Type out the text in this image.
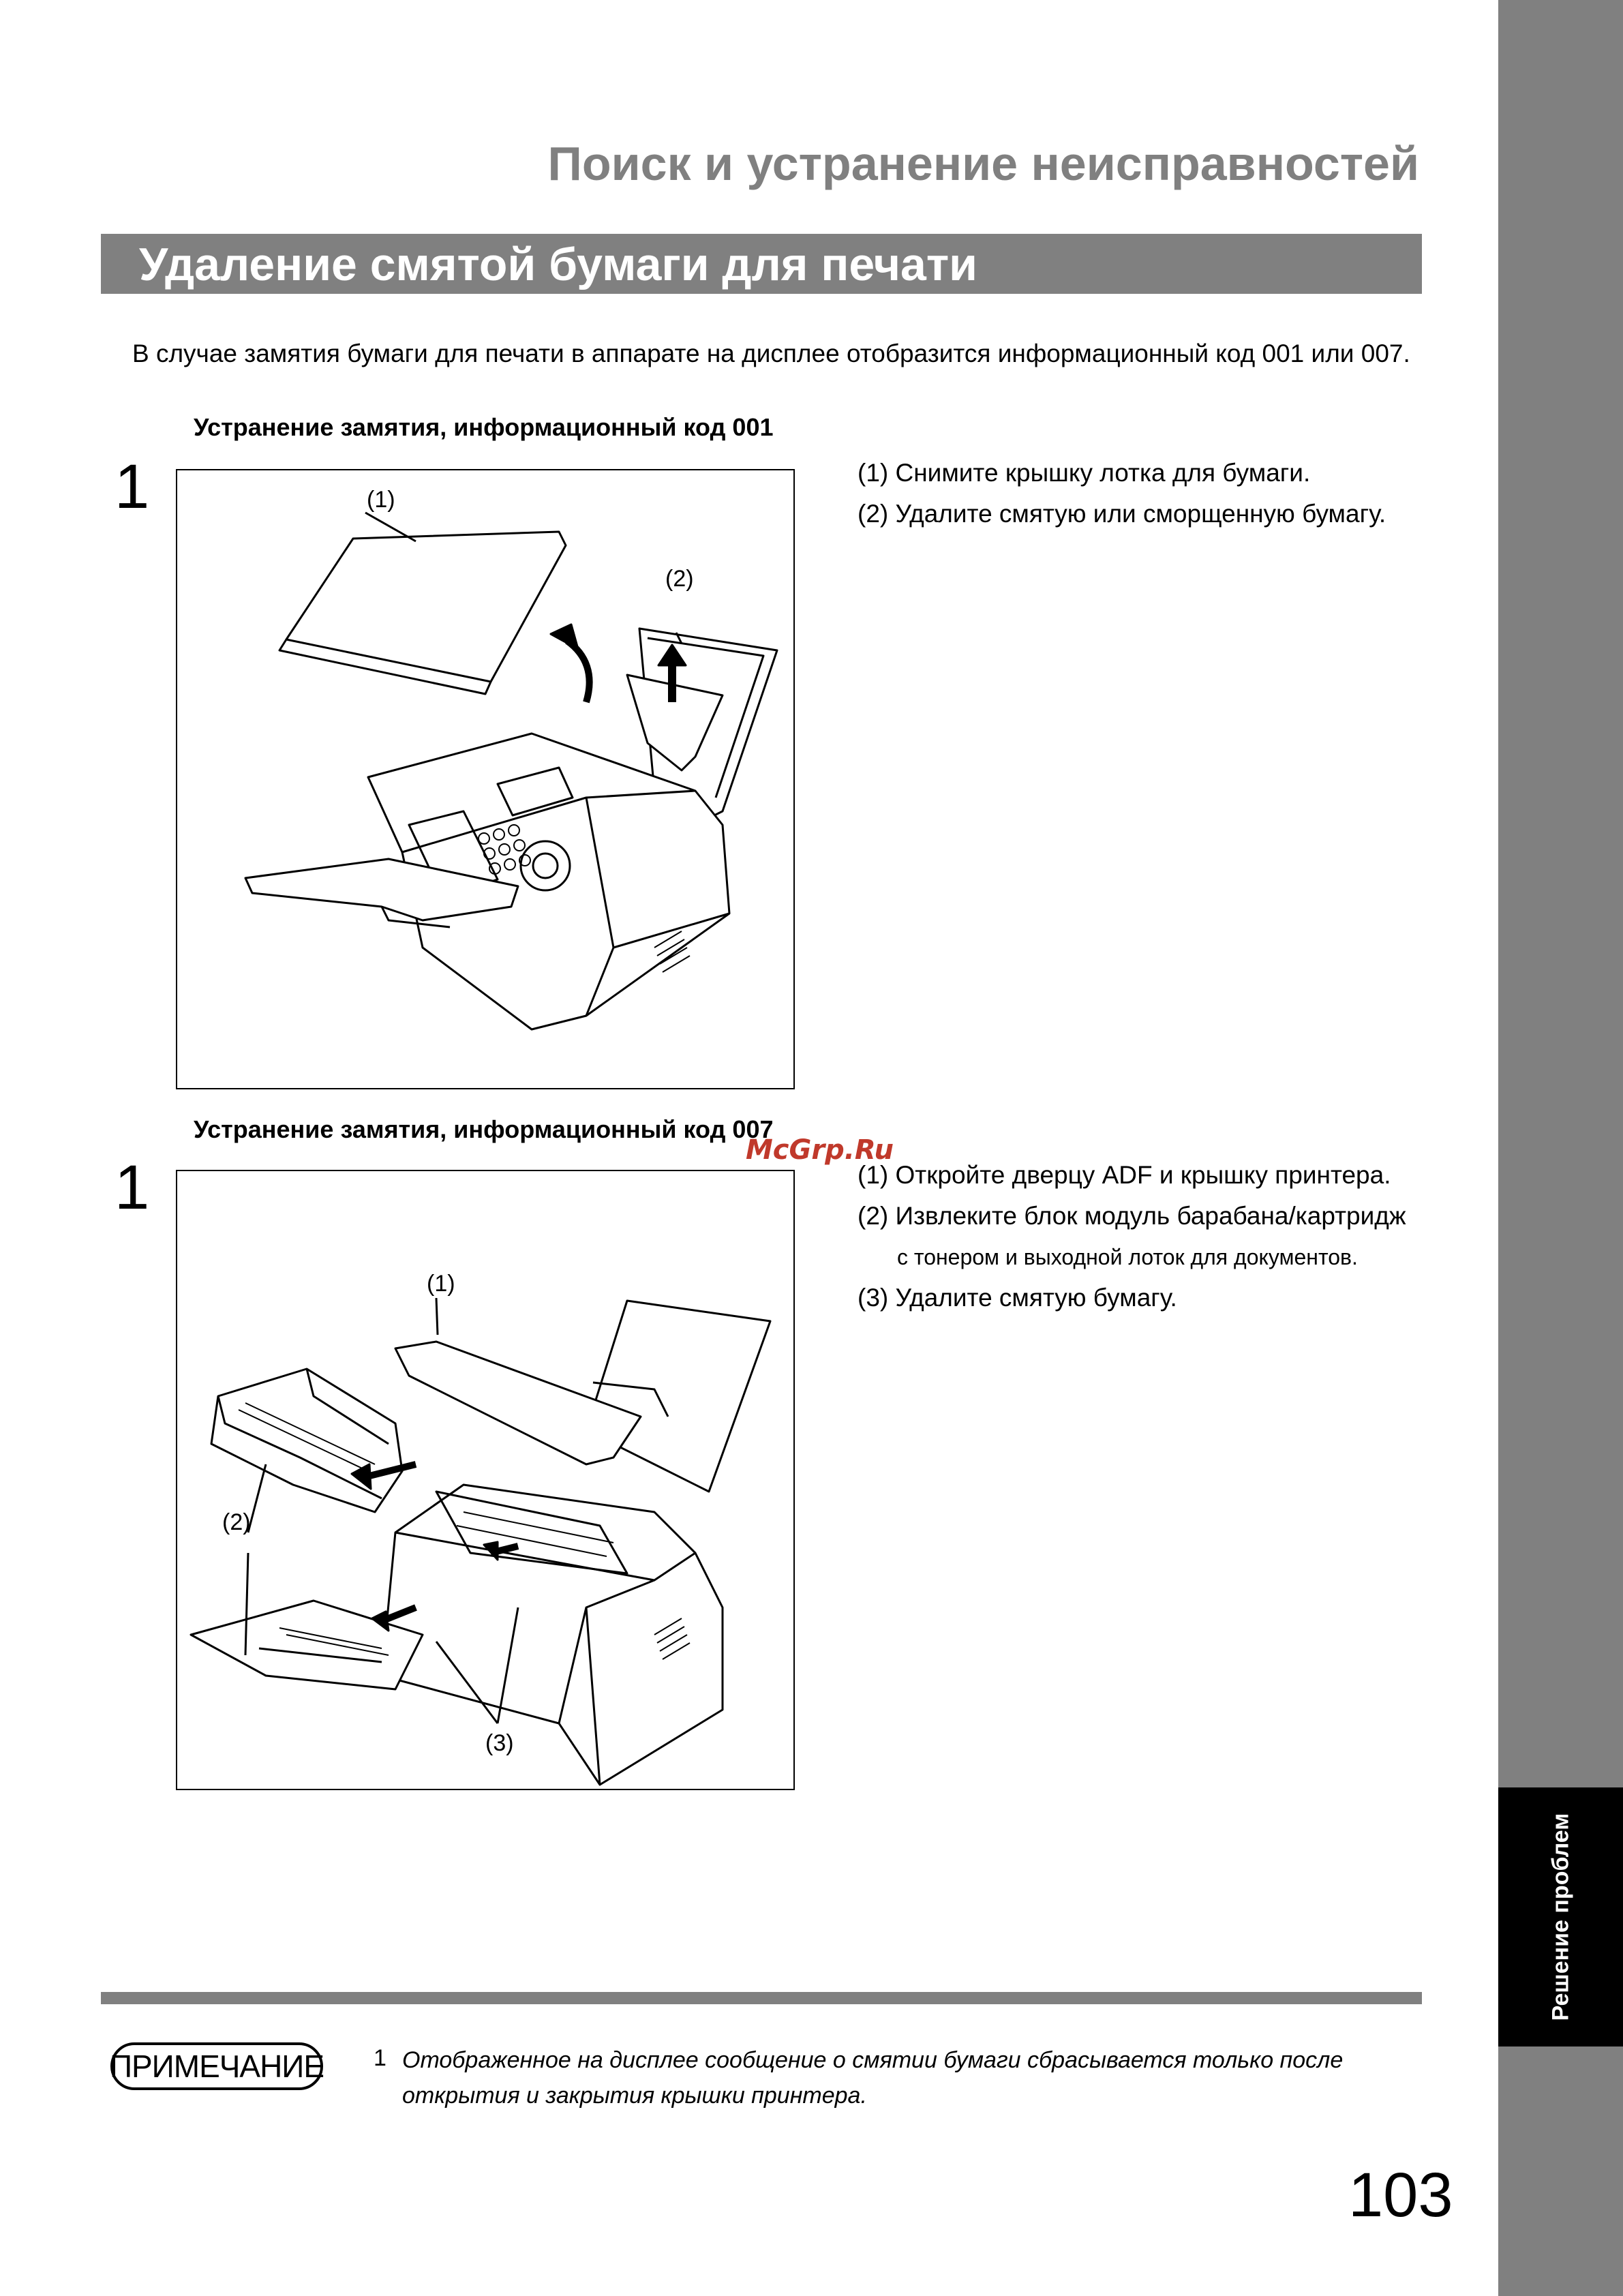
Решение проблем
Поиск и устранение неисправностей
Удаление смятой бумаги для печати
В случае замятия бумаги для печати в аппарате на дисплее отобразится информационный код 001 или 007.
Устранение замятия, информационный код 001
1	(1)
(2)
(1) Снимите крышку лотка для бумаги.
(2) Удалите смятую или сморщенную бумагу.
Устранение замятия, информационный код 007
McGrp.Ru
1
(1)
(2)
(3)
(1) Откройте дверцу ADF и крышку принтера.
(2) Извлеките блок модуль барабана/картридж
с тонером и выходной лоток для документов.
(3) Удалите смятую бумагу.
ПРИМЕЧАНИЕ 1 Отображенное на дисплее сообщение о смятии бумаги сбрасывается только после открытия и закрытия крышки принтера.
103
